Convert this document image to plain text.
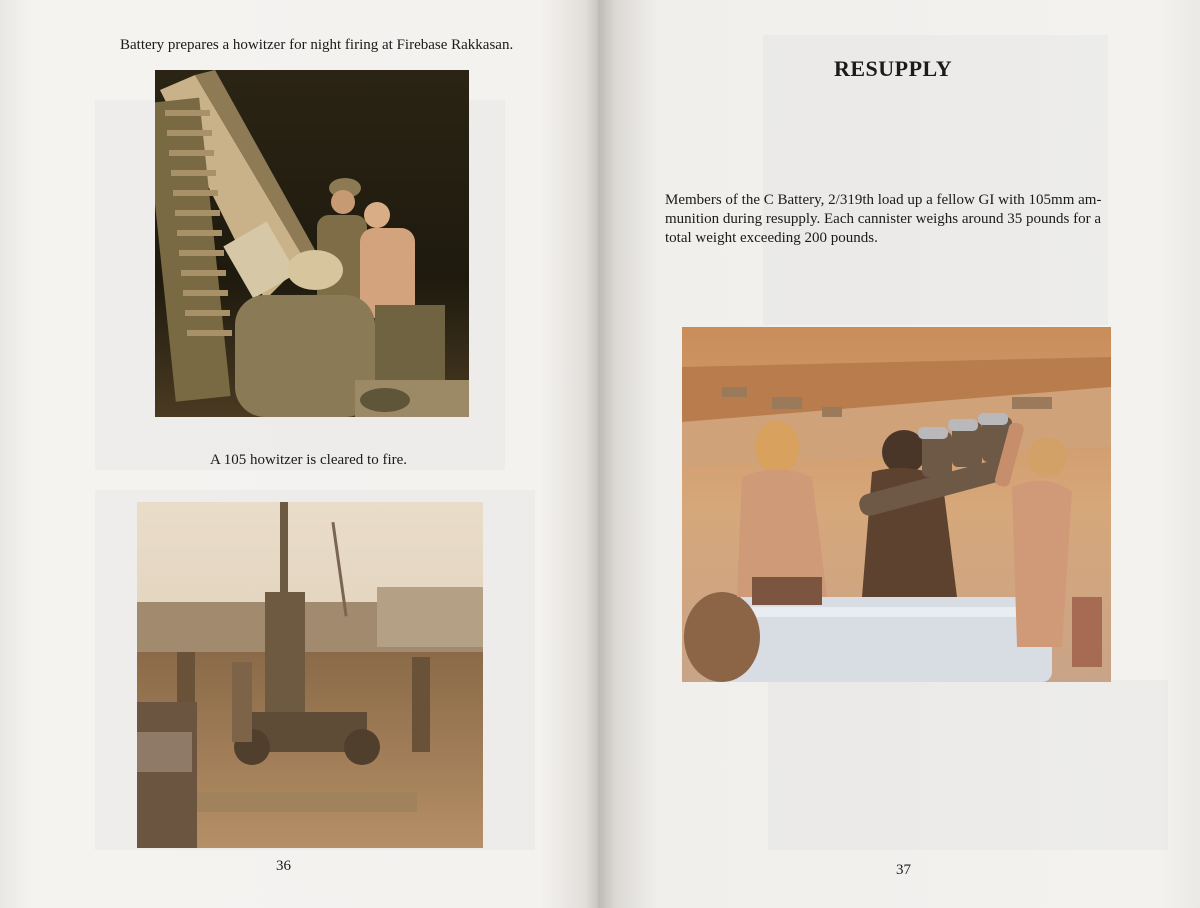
Battery prepares a howitzer for night firing at Firebase Rakkasan.
A 105 howitzer is cleared to fire.
36
RESUPPLY
Members of the C Battery, 2/319th load up a fellow GI with 105mm am-
munition during resupply. Each cannister weighs around 35 pounds for a
total weight exceeding 200 pounds.
37
